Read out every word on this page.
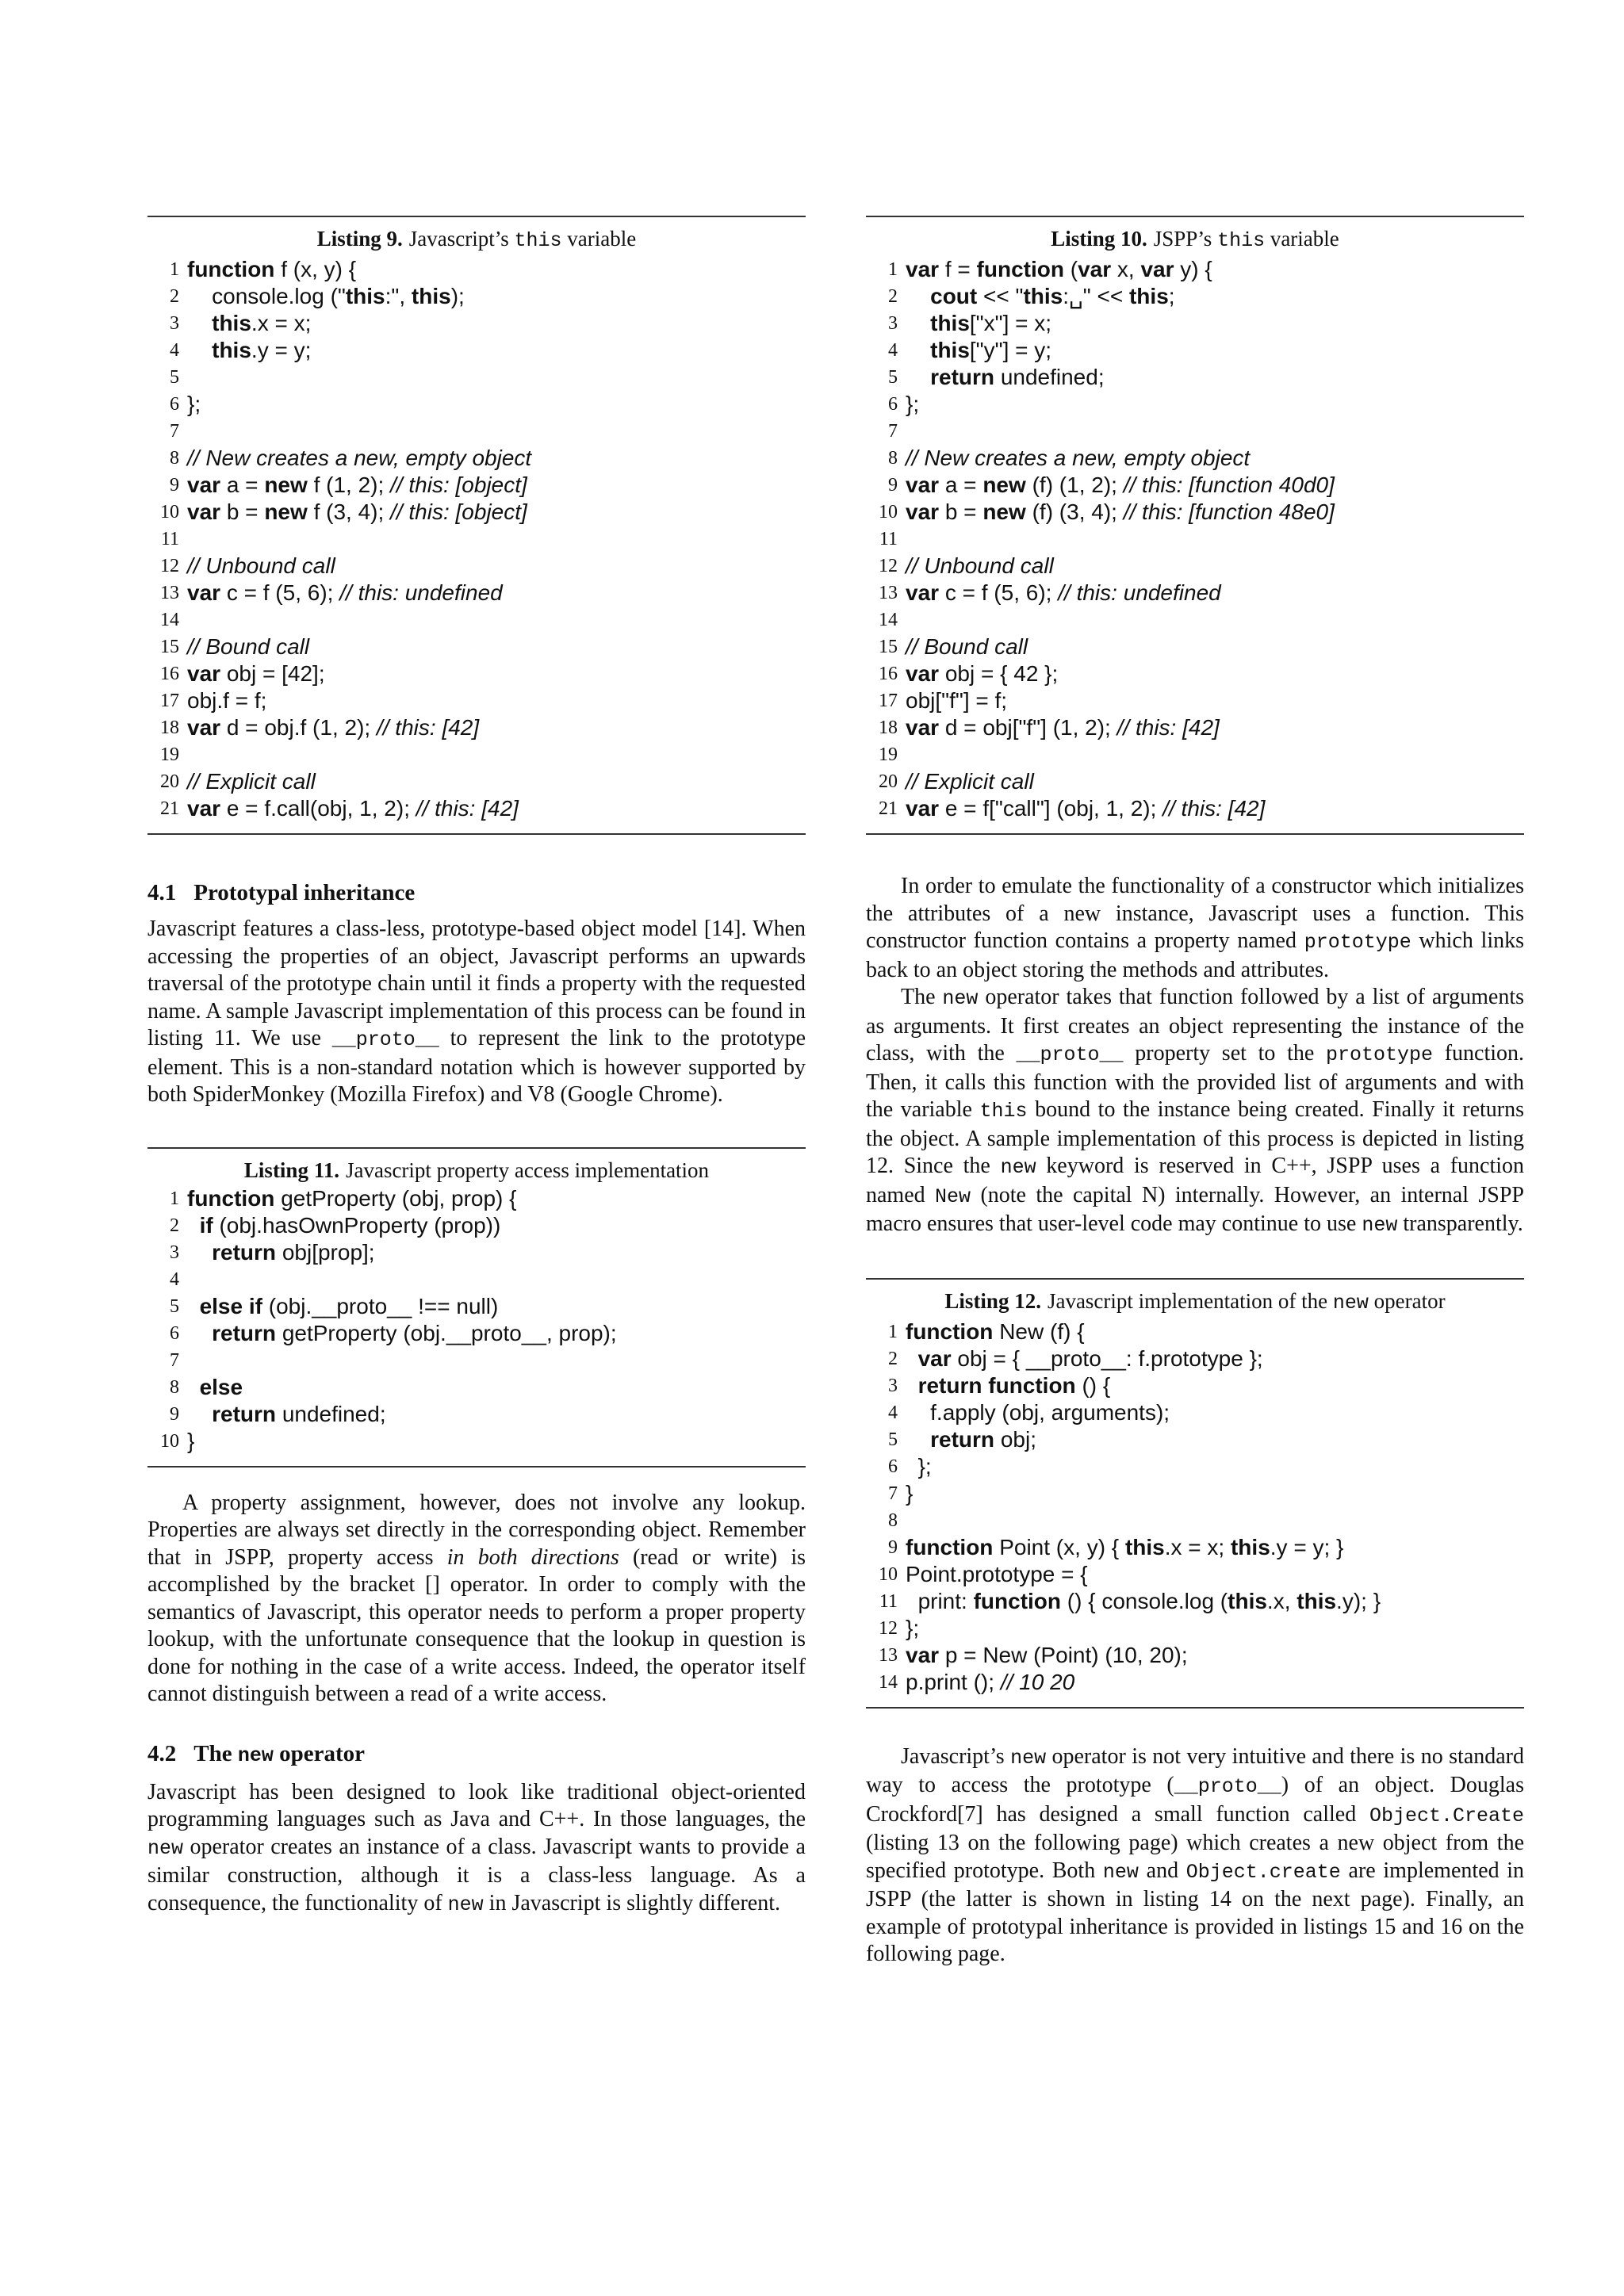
Listing 9. Javascript’s this variable
1 function f (x, y) {
2	console.log ("this:", this);
3	this.x = x;
4	this.y = y;
5
6 };
7
8 // New creates a new, empty object
9 var a = new f (1, 2); // this: [object]
10 var b = new f (3, 4); // this: [object]
11
12 // Unbound call
13 var c = f (5, 6); // this: undefined
14
15 // Bound call
16 var obj = [42];
17 obj.f = f;
18 var d = obj.f (1, 2); // this: [42]
19
20 // Explicit call
21 var e = f.call(obj, 1, 2); // this: [42]
4.1 Prototypal inheritance

Javascript features a class-less, prototype-based object model [14]. When accessing the properties of an object, Javascript performs an upwards traversal of the prototype chain until it finds a property with the requested name. A sample Javascript implementation of this process can be found in listing 11. We use __proto__ to represent the link to the prototype element. This is a non-standard notation which is however supported by both SpiderMonkey (Mozilla Firefox) and V8 (Google Chrome).

Listing 11. Javascript property access implementation
1 function getProperty (obj, prop) {
2 if (obj.hasOwnProperty (prop))
3	return obj[prop];
4
5 else if (obj.__proto__ !== null)
6	return getProperty (obj.__proto__, prop);
7
8 else
9	return undefined;
10 }

A property assignment, however, does not involve any lookup. Properties are always set directly in the corresponding object. Remember that in JSPP, property access in both directions (read or write) is accomplished by the bracket [] operator. In order to comply with the semantics of Javascript, this operator needs to perform a proper property lookup, with the unfortunate consequence that the lookup in question is done for nothing in the case of a write access. Indeed, the operator itself cannot distinguish between a read of a write access.

4.2 The new operator

Javascript has been designed to look like traditional object-oriented programming languages such as Java and C++. In those languages, the new operator creates an instance of a class. Javascript wants to provide a similar construction, although it is a class-less language. As a consequence, the functionality of new in Javascript is slightly different.

Listing 10. JSPP’s this variable
1 var f = function (var x, var y) {
2	cout << "this:␣" << this;
3	this["x"] = x;
4	this["y"] = y;
5	return undefined;
6 };
7
8 // New creates a new, empty object
9 var a = new (f) (1, 2); // this: [function 40d0]
10 var b = new (f) (3, 4); // this: [function 48e0]
11
12 // Unbound call
13 var c = f (5, 6); // this: undefined
14
15 // Bound call
16 var obj = { 42 };
17 obj["f"] = f;
18 var d = obj["f"] (1, 2); // this: [42]
19
20 // Explicit call
21 var e = f["call"] (obj, 1, 2); // this: [42]

In order to emulate the functionality of a constructor which initializes the attributes of a new instance, Javascript uses a function. This constructor function contains a property named prototype which links back to an object storing the methods and attributes.

The new operator takes that function followed by a list of arguments as arguments. It first creates an object representing the instance of the class, with the __proto__ property set to the prototype function. Then, it calls this function with the provided list of arguments and with the variable this bound to the instance being created. Finally it returns the object. A sample implementation of this process is depicted in listing 12. Since the new keyword is reserved in C++, JSPP uses a function named New (note the capital N) internally. However, an internal JSPP macro ensures that user-level code may continue to use new transparently.

Listing 12. Javascript implementation of the new operator
1 function New (f) {
2 var obj = { __proto__: f.prototype };
3 return function () {
4	f.apply (obj, arguments);
5	return obj;
6 };
7 }
8
9 function Point (x, y) { this.x = x; this.y = y; }
10 Point.prototype = {
11 print: function () { console.log (this.x, this.y); }
12 };
13 var p = New (Point) (10, 20);
14 p.print (); // 10 20

Javascript’s new operator is not very intuitive and there is no standard way to access the prototype (__proto__) of an object. Douglas Crockford[7] has designed a small function called Object.Create (listing 13 on the following page) which creates a new object from the specified prototype. Both new and Object.create are implemented in JSPP (the latter is shown in listing 14 on the next page). Finally, an example of prototypal inheritance is provided in listings 15 and 16 on the following page.
